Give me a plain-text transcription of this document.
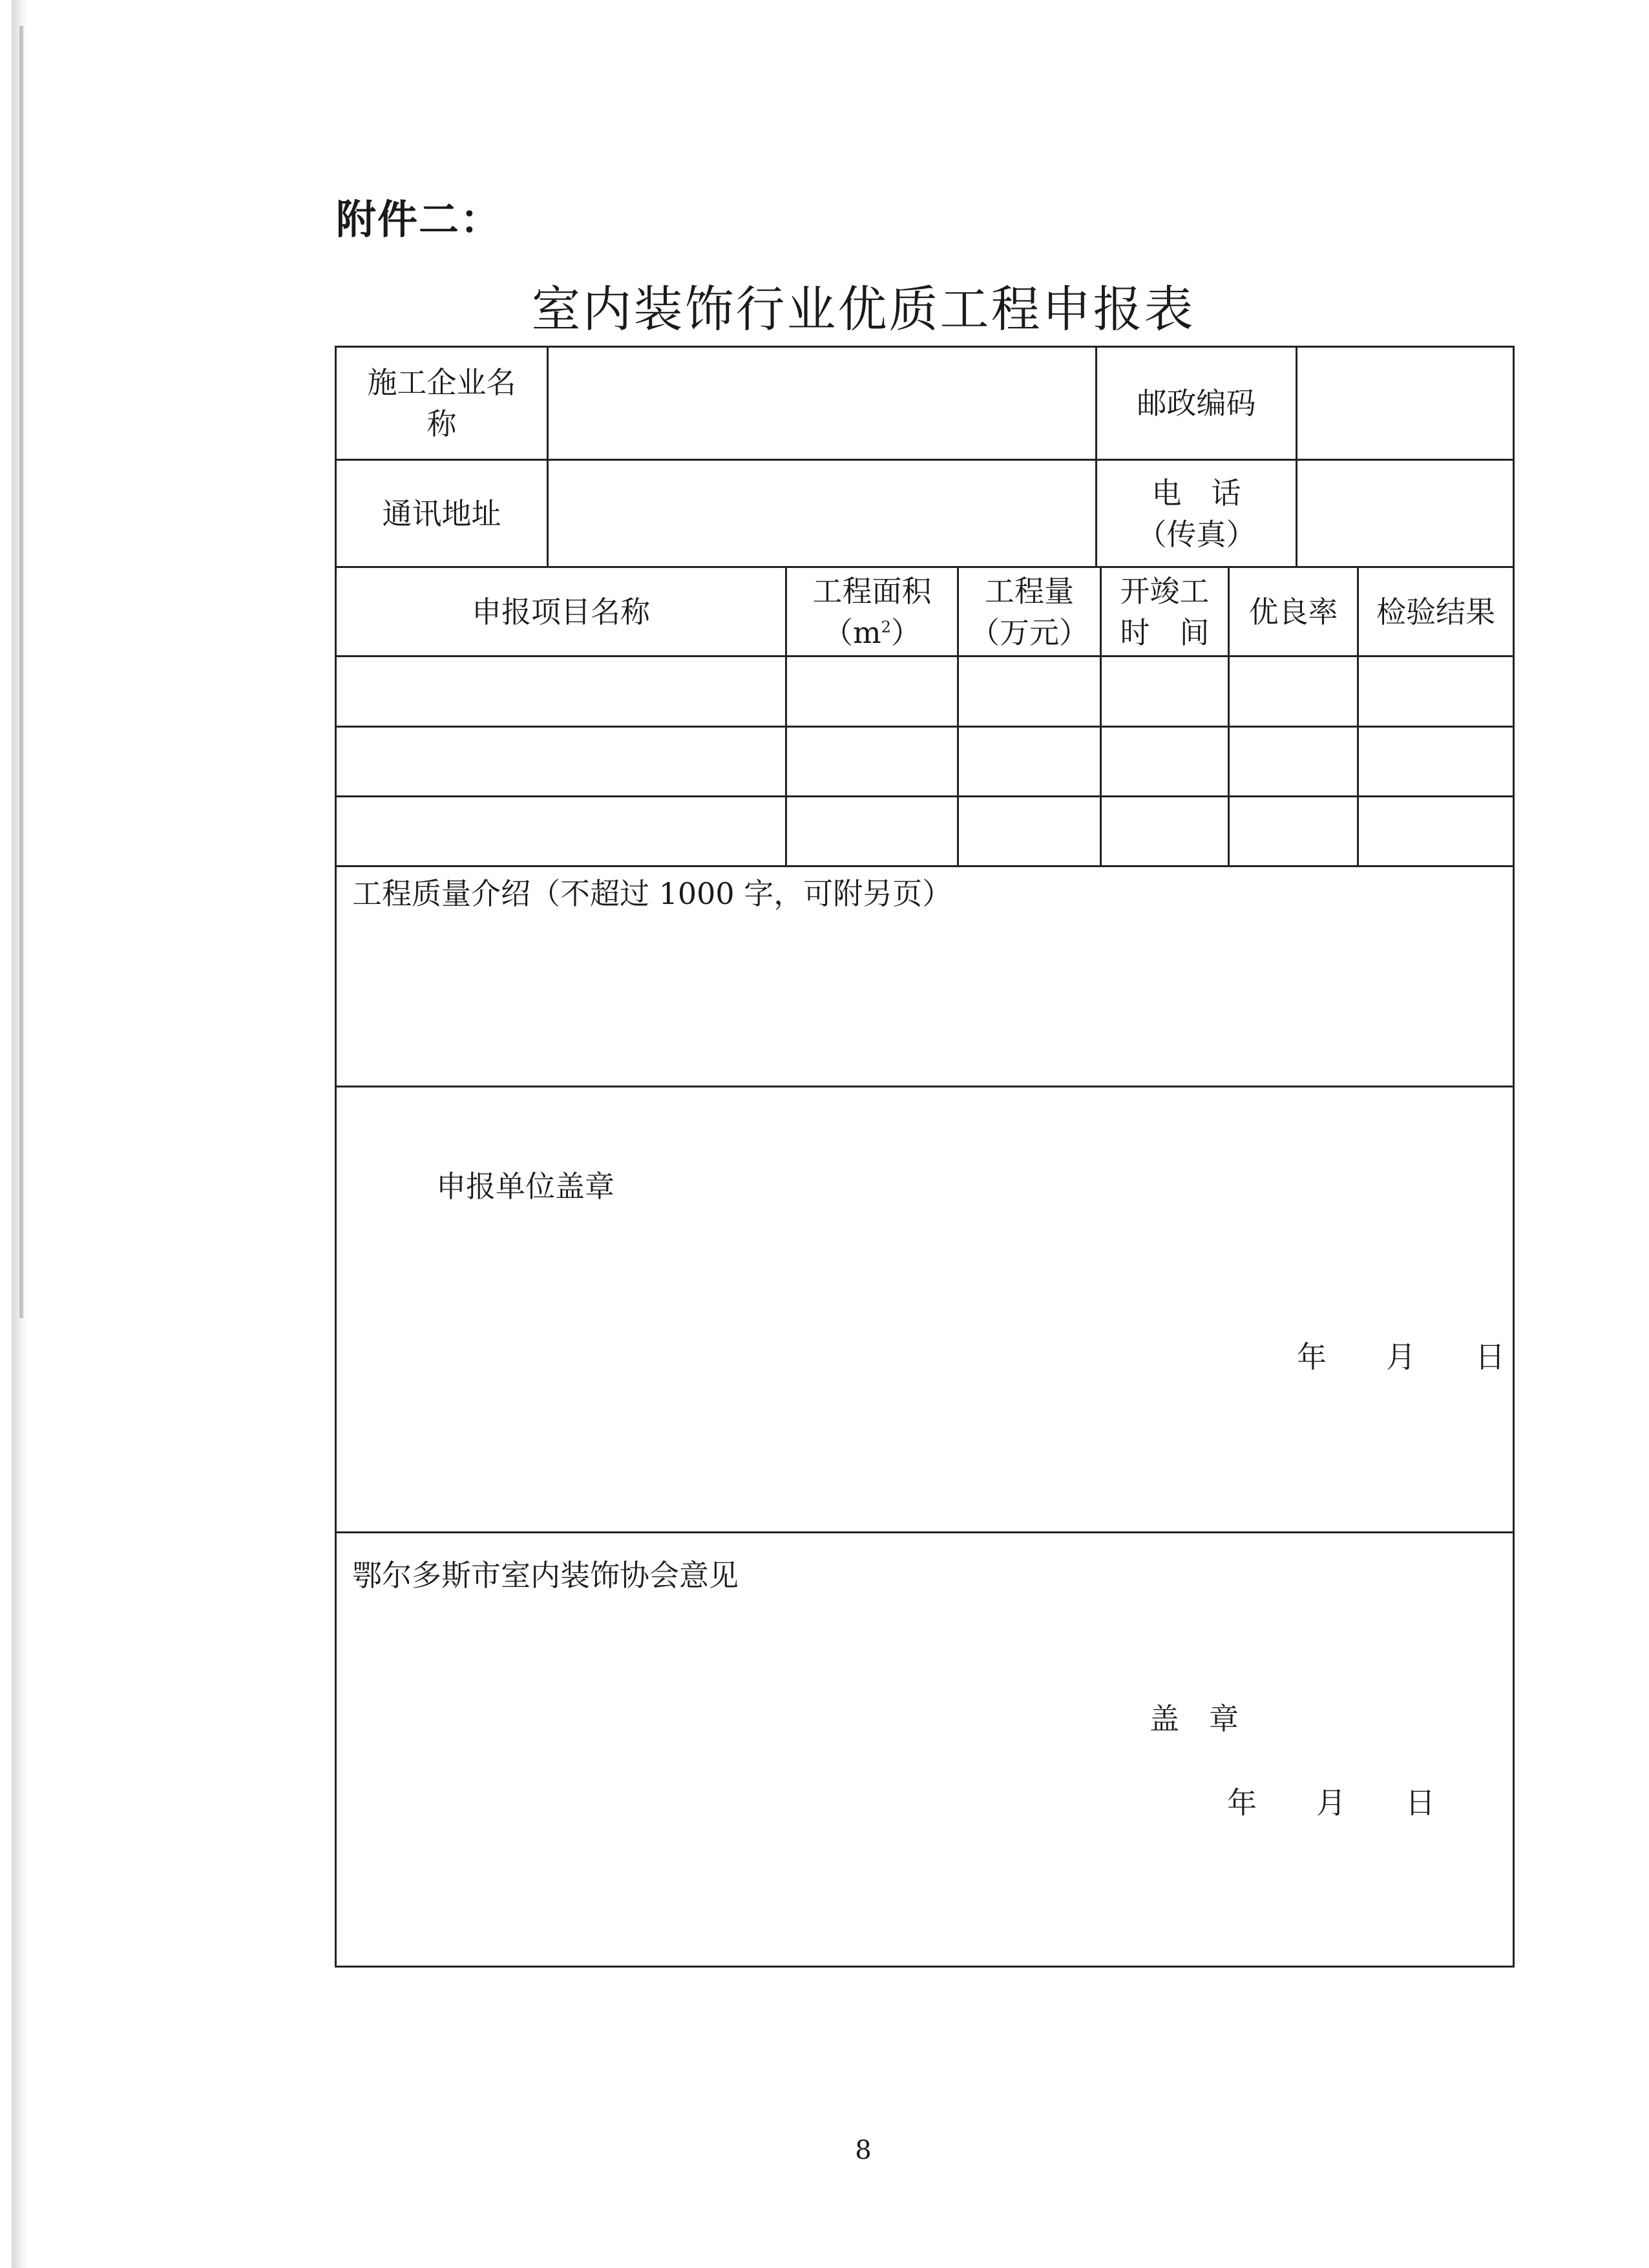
附件二：
室内装饰行业优质工程申报表
施工企业名
称
邮政编码
通讯地址
电　话
（传真）
申报项目名称
工程面积
$(m^2)$
工程量
（万元）
开竣工
时　间
优良率	检验结果
工程质量介绍（不超过 1000 字，可附另页）
申报单位盖章
年　　月　　日
鄂尔多斯市室内装饰协会意见
盖　章
年　　月　　日
8
